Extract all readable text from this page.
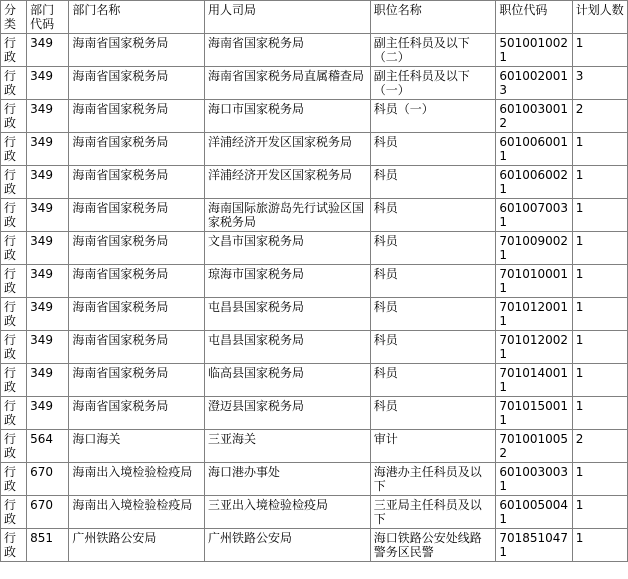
分类	部门代码	部门名称	用人司局	职位名称	职位代码	计划人数
行政	349	海南省国家税务局	海南省国家税务局	副主任科员及以下（二）	5010010021	1
行政	349	海南省国家税务局	海南省国家税务局直属稽查局	副主任科员及以下（一）	6010020013	3
行政	349	海南省国家税务局	海口市国家税务局	科员（一）	6010030012	2
行政	349	海南省国家税务局	洋浦经济开发区国家税务局	科员	6010060011	1
行政	349	海南省国家税务局	洋浦经济开发区国家税务局	科员	6010060021	1
行政	349	海南省国家税务局	海南国际旅游岛先行试验区国家税务局	科员	6010070031	1
行政	349	海南省国家税务局	文昌市国家税务局	科员	7010090021	1
行政	349	海南省国家税务局	琼海市国家税务局	科员	7010100011	1
行政	349	海南省国家税务局	屯昌县国家税务局	科员	7010120011	1
行政	349	海南省国家税务局	屯昌县国家税务局	科员	7010120021	1
行政	349	海南省国家税务局	临高县国家税务局	科员	7010140011	1
行政	349	海南省国家税务局	澄迈县国家税务局	科员	7010150011	1
行政	564	海口海关	三亚海关	审计	7010010052	2
行政	670	海南出入境检验检疫局	海口港办事处	海港办主任科员及以下	6010030031	1
行政	670	海南出入境检验检疫局	三亚出入境检验检疫局	三亚局主任科员及以下	6010050041	1
行政	851	广州铁路公安局	广州铁路公安局	海口铁路公安处线路警务区民警	7018510471	1
